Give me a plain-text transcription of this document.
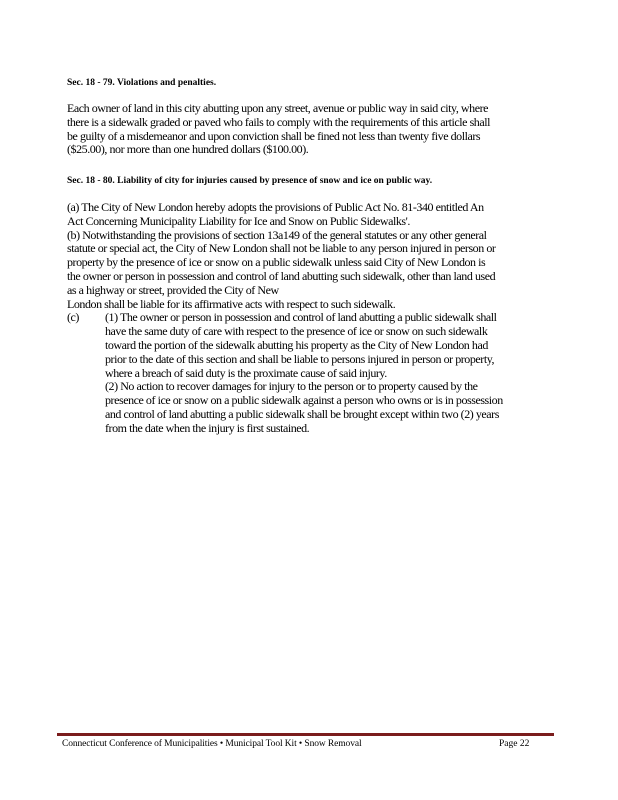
Sec. 18 - 79. Violations and penalties.
Each owner of land in this city abutting upon any street, avenue or public way in said city, where
there is a sidewalk graded or paved who fails to comply with the requirements of this article shall
be guilty of a misdemeanor and upon conviction shall be fined not less than twenty five dollars
($25.00), nor more than one hundred dollars ($100.00).
Sec. 18 - 80. Liability of city for injuries caused by presence of snow and ice on public way.
(a) The City of New London hereby adopts the provisions of Public Act No. 81-340 entitled An
Act Concerning Municipality Liability for Ice and Snow on Public Sidewalks'.
(b) Notwithstanding the provisions of section 13a149 of the general statutes or any other general
statute or special act, the City of New London shall not be liable to any person injured in person or
property by the presence of ice or snow on a public sidewalk unless said City of New London is
the owner or person in possession and control of land abutting such sidewalk, other than land used
as a highway or street, provided the City of New
London shall be liable for its affirmative acts with respect to such sidewalk.
(c)	(1) The owner or person in possession and control of land abutting a public sidewalk shall
have the same duty of care with respect to the presence of ice or snow on such sidewalk
toward the portion of the sidewalk abutting his property as the City of New London had
prior to the date of this section and shall be liable to persons injured in person or property,
where a breach of said duty is the proximate cause of said injury.
(2) No action to recover damages for injury to the person or to property caused by the
presence of ice or snow on a public sidewalk against a person who owns or is in possession
and control of land abutting a public sidewalk shall be brought except within two (2) years
from the date when the injury is first sustained.
Connecticut Conference of Municipalities • Municipal Tool Kit • Snow Removal	Page 22
